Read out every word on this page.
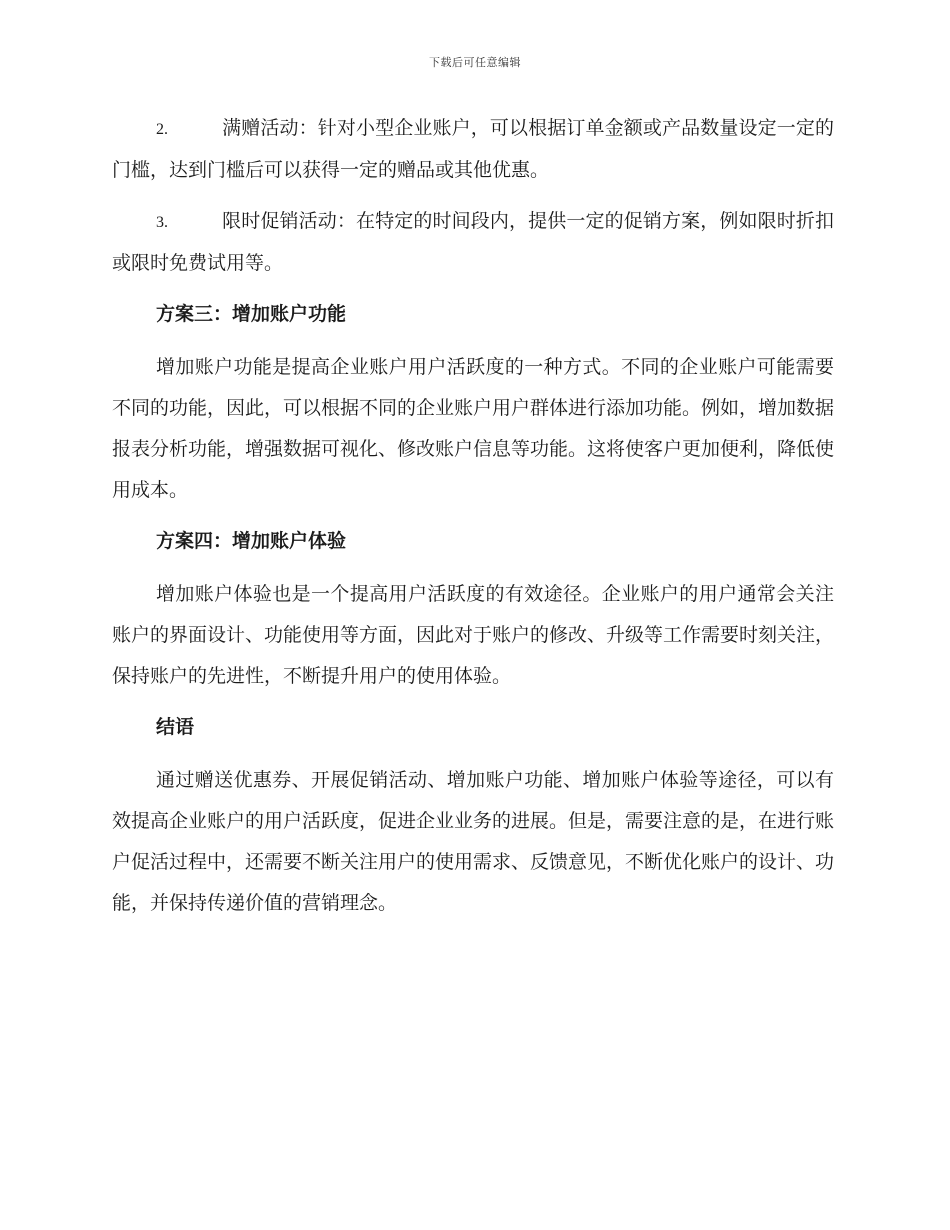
下载后可任意编辑

2.	满赠活动：针对小型企业账户，可以根据订单金额或产品数量设定一定的门槛，达到门槛后可以获得一定的赠品或其他优惠。

3.	限时促销活动：在特定的时间段内，提供一定的促销方案，例如限时折扣或限时免费试用等。

方案三：增加账户功能

增加账户功能是提高企业账户用户活跃度的一种方式。不同的企业账户可能需要不同的功能，因此，可以根据不同的企业账户用户群体进行添加功能。例如，增加数据报表分析功能，增强数据可视化、修改账户信息等功能。这将使客户更加便利，降低使用成本。

方案四：增加账户体验

增加账户体验也是一个提高用户活跃度的有效途径。企业账户的用户通常会关注账户的界面设计、功能使用等方面，因此对于账户的修改、升级等工作需要时刻关注，保持账户的先进性，不断提升用户的使用体验。

结语

通过赠送优惠券、开展促销活动、增加账户功能、增加账户体验等途径，可以有效提高企业账户的用户活跃度，促进企业业务的进展。但是，需要注意的是，在进行账户促活过程中，还需要不断关注用户的使用需求、反馈意见，不断优化账户的设计、功能，并保持传递价值的营销理念。
